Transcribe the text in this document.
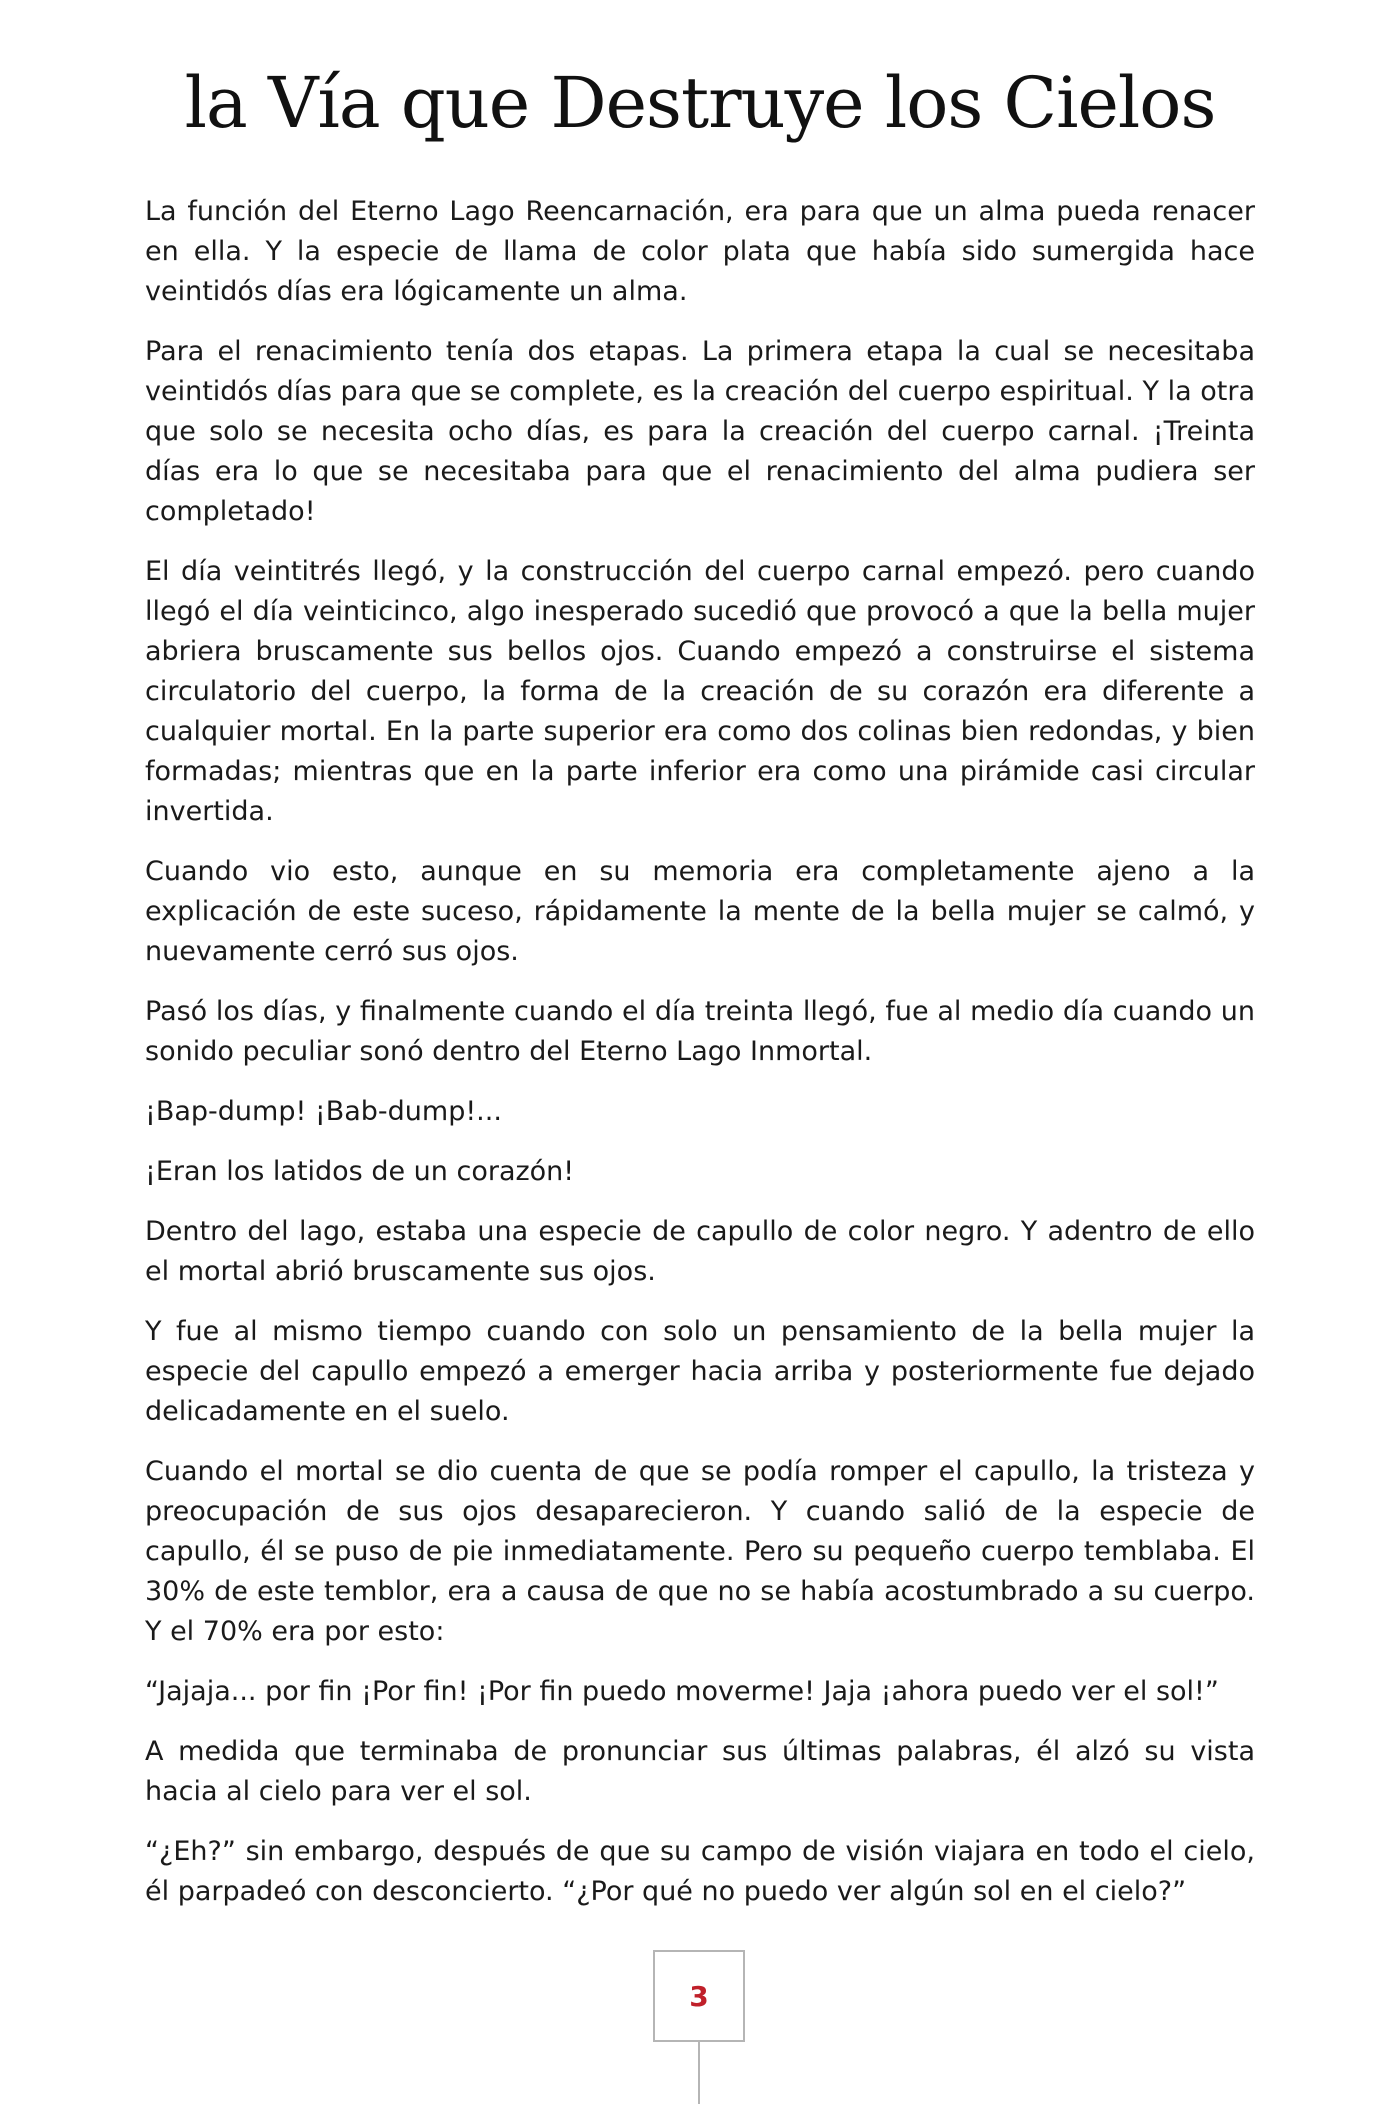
la Vía que Destruye los Cielos

La función del Eterno Lago Reencarnación, era para que un alma pueda renacer en ella. Y la especie de llama de color plata que había sido sumergida hace veintidós días era lógicamente un alma.

Para el renacimiento tenía dos etapas. La primera etapa la cual se necesitaba veintidós días para que se complete, es la creación del cuerpo espiritual. Y la otra que solo se necesita ocho días, es para la creación del cuerpo carnal. ¡Treinta días era lo que se necesitaba para que el renacimiento del alma pudiera ser completado!

El día veintitrés llegó, y la construcción del cuerpo carnal empezó. pero cuando llegó el día veinticinco, algo inesperado sucedió que provocó a que la bella mujer abriera bruscamente sus bellos ojos. Cuando empezó a construirse el sistema circulatorio del cuerpo, la forma de la creación de su corazón era diferente a cualquier mortal. En la parte superior era como dos colinas bien redondas, y bien formadas; mientras que en la parte inferior era como una pirámide casi circular invertida.

Cuando vio esto, aunque en su memoria era completamente ajeno a la explicación de este suceso, rápidamente la mente de la bella mujer se calmó, y nuevamente cerró sus ojos.

Pasó los días, y finalmente cuando el día treinta llegó, fue al medio día cuando un sonido peculiar sonó dentro del Eterno Lago Inmortal.

¡Bap-dump! ¡Bab-dump!...

¡Eran los latidos de un corazón!

Dentro del lago, estaba una especie de capullo de color negro. Y adentro de ello el mortal abrió bruscamente sus ojos.

Y fue al mismo tiempo cuando con solo un pensamiento de la bella mujer la especie del capullo empezó a emerger hacia arriba y posteriormente fue dejado delicadamente en el suelo.

Cuando el mortal se dio cuenta de que se podía romper el capullo, la tristeza y preocupación de sus ojos desaparecieron. Y cuando salió de la especie de capullo, él se puso de pie inmediatamente. Pero su pequeño cuerpo temblaba. El 30% de este temblor, era a causa de que no se había acostumbrado a su cuerpo. Y el 70% era por esto:

“Jajaja... por fin ¡Por fin! ¡Por fin puedo moverme! Jaja ¡ahora puedo ver el sol!”

A medida que terminaba de pronunciar sus últimas palabras, él alzó su vista hacia al cielo para ver el sol.

“¿Eh?” sin embargo, después de que su campo de visión viajara en todo el cielo, él parpadeó con desconcierto. “¿Por qué no puedo ver algún sol en el cielo?”

3
